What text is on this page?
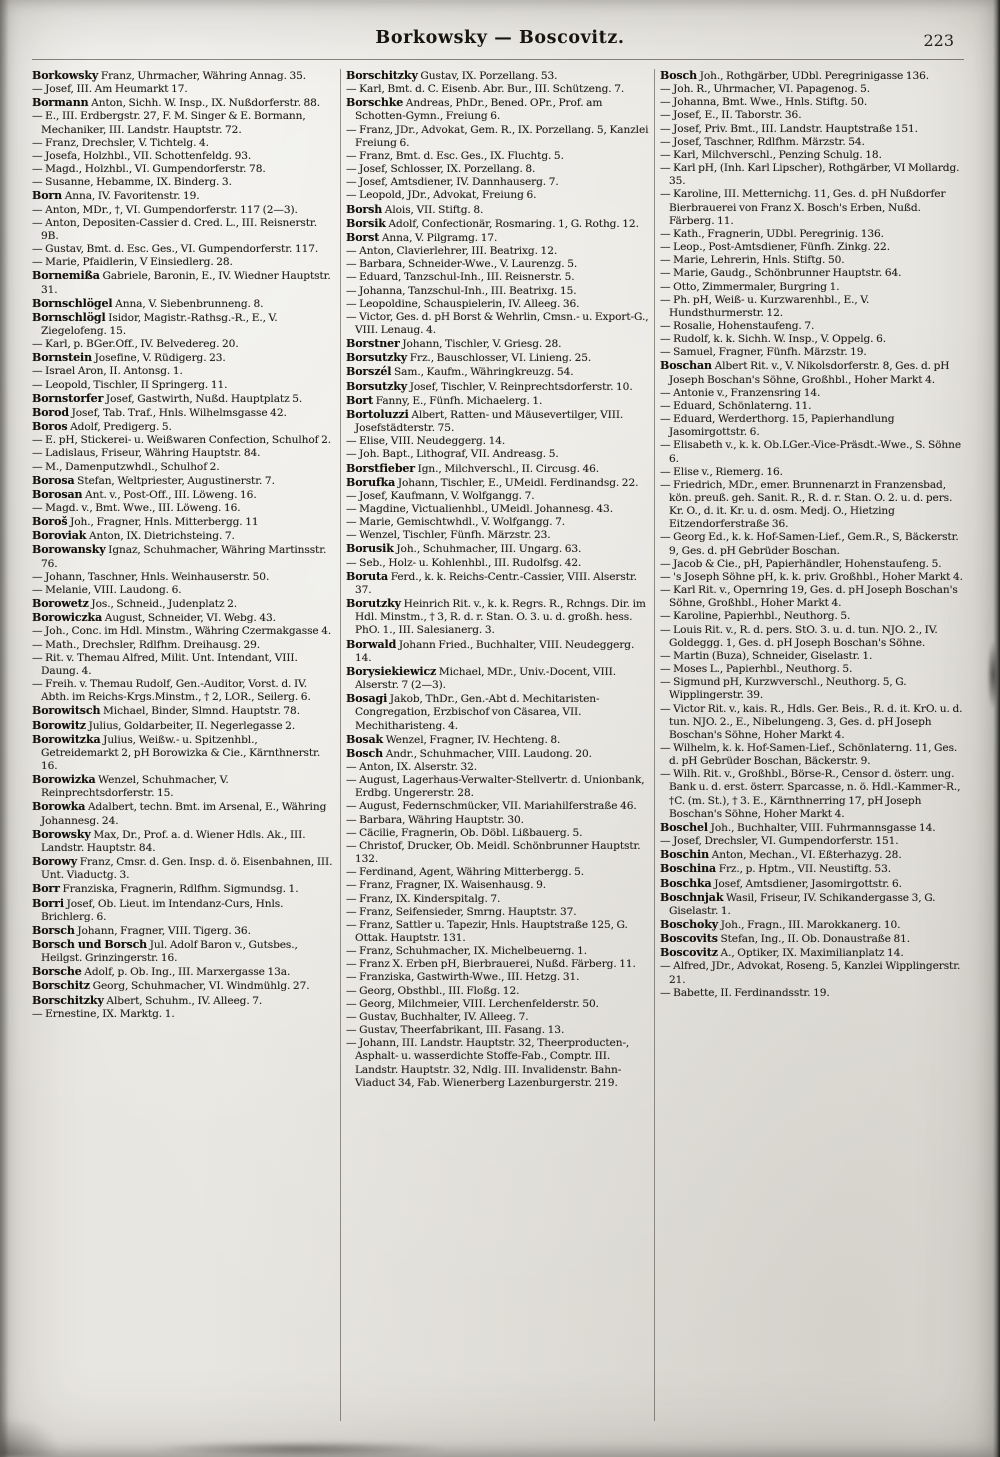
Borkowsky — Boscovitz.	223

Borkowsky Franz, Uhrmacher, Währing Annag. 35.

— Josef, III. Am Heumarkt 17.

Bormann Anton, Sichh. W. Insp., IX. Nußdorferstr. 88.

— E., III. Erdbergstr. 27, F. M. Singer & E. Bormann, Mechaniker, III. Landstr. Hauptstr. 72.

— Franz, Drechsler, V. Tichtelg. 4.

— Josefa, Holzhbl., VII. Schottenfeldg. 93.

— Magd., Holzhbl., VI. Gumpendorferstr. 78.

— Susanne, Hebamme, IX. Binderg. 3.

Born Anna, IV. Favoritenstr. 19.

— Anton, MDr., †, VI. Gumpendorferstr. 117 (2—3).

— Anton, Depositen-Cassier d. Cred. L., III. Reisnerstr. 9B.

— Gustav, Bmt. d. Esc. Ges., VI. Gumpendorferstr. 117.

— Marie, Pfaidlerin, V Einsiedlerg. 28.

Bornemißa Gabriele, Baronin, E., IV. Wiedner Hauptstr. 31.

Bornschlögel Anna, V. Siebenbrunneng. 8.

Bornschlögl Isidor, Magistr.-Rathsg.-R., E., V. Ziegelofeng. 15.

— Karl, p. BGer.Off., IV. Belvedereg. 20.

Bornstein Josefine, V. Rüdigerg. 23.

— Israel Aron, II. Antonsg. 1.

— Leopold, Tischler, II Springerg. 11.

Bornstorfer Josef, Gastwirth, Nußd. Hauptplatz 5.

Borod Josef, Tab. Traf., Hnls. Wilhelmsgasse 42.

Boros Adolf, Predigerg. 5.

— E. pH, Stickerei- u. Weißwaren Confection, Schulhof 2.

— Ladislaus, Friseur, Währing Hauptstr. 84.

— M., Damenputzwhdl., Schulhof 2.

Borosa Stefan, Weltpriester, Augustinerstr. 7.

Borosan Ant. v., Post-Off., III. Löweng. 16.

— Magd. v., Bmt. Wwe., III. Löweng. 16.

Boroš Joh., Fragner, Hnls. Mitterbergg. 11

Boroviak Anton, IX. Dietrichsteing. 7.

Borowansky Ignaz, Schuhmacher, Währing Martinsstr. 76.

— Johann, Taschner, Hnls. Weinhauserstr. 50.

— Melanie, VIII. Laudong. 6.

Borowetz Jos., Schneid., Judenplatz 2.

Borowiczka August, Schneider, VI. Webg. 43.

— Joh., Conc. im Hdl. Minstm., Währing Czermakgasse 4.

— Math., Drechsler, Rdlfhm. Dreihausg. 29.

— Rit. v. Themau Alfred, Milit. Unt. Intendant, VIII. Daung. 4.

— Freih. v. Themau Rudolf, Gen.-Auditor, Vorst. d. IV. Abth. im Reichs-Krgs.Minstm., † 2, LOR., Seilerg. 6.

Borowitsch Michael, Binder, Slmnd. Hauptstr. 78.

Borowitz Julius, Goldarbeiter, II. Negerlegasse 2.

Borowitzka Julius, Weißw.- u. Spitzenhbl., Getreidemarkt 2, pH Borowizka & Cie., Kärnthnerstr. 16.

Borowizka Wenzel, Schuhmacher, V. Reinprechtsdorferstr. 15.

Borowka Adalbert, techn. Bmt. im Arsenal, E., Währing Johannesg. 24.

Borowsky Max, Dr., Prof. a. d. Wiener Hdls. Ak., III. Landstr. Hauptstr. 84.

Borowy Franz, Cmsr. d. Gen. Insp. d. ö. Eisenbahnen, III. Unt. Viaductg. 3.

Borr Franziska, Fragnerin, Rdlfhm. Sigmundsg. 1.

Borri Josef, Ob. Lieut. im Intendanz-Curs, Hnls. Brichlerg. 6.

Borsch Johann, Fragner, VIII. Tigerg. 36.

Borsch und Borsch Jul. Adolf Baron v., Gutsbes., Heilgst. Grinzingerstr. 16.

Borsche Adolf, p. Ob. Ing., III. Marxergasse 13a.

Borschitz Georg, Schuhmacher, VI. Windmühlg. 27.

Borschitzky Albert, Schuhm., IV. Alleeg. 7.

— Ernestine, IX. Marktg. 1.

Borschitzky Gustav, IX. Porzellang. 53.

— Karl, Bmt. d. C. Eisenb. Abr. Bur., III. Schützeng. 7.

Borschke Andreas, PhDr., Bened. OPr., Prof. am Schotten-Gymn., Freiung 6.

— Franz, JDr., Advokat, Gem. R., IX. Porzellang. 5, Kanzlei Freiung 6.

— Franz, Bmt. d. Esc. Ges., IX. Fluchtg. 5.

— Josef, Schlosser, IX. Porzellang. 8.

— Josef, Amtsdiener, IV. Dannhauserg. 7.

— Leopold, JDr., Advokat, Freiung 6.

Borsh Alois, VII. Stiftg. 8.

Borsik Adolf, Confectionär, Rosmaring. 1, G. Rothg. 12.

Borst Anna, V. Pilgramg. 17.

— Anton, Clavierlehrer, III. Beatrixg. 12.

— Barbara, Schneider-Wwe., V. Laurenzg. 5.

— Eduard, Tanzschul-Inh., III. Reisnerstr. 5.

— Johanna, Tanzschul-Inh., III. Beatrixg. 15.

— Leopoldine, Schauspielerin, IV. Alleeg. 36.

— Victor, Ges. d. pH Borst & Wehrlin, Cmsn.- u. Export-G., VIII. Lenaug. 4.

Borstner Johann, Tischler, V. Griesg. 28.

Borsutzky Frz., Bauschlosser, VI. Linieng. 25.

Borszél Sam., Kaufm., Währingkreuzg. 54.

Borsutzky Josef, Tischler, V. Reinprechtsdorferstr. 10.

Bort Fanny, E., Fünfh. Michaelerg. 1.

Bortoluzzi Albert, Ratten- und Mäusevertilger, VIII. Josefstädterstr. 75.

— Elise, VIII. Neudeggerg. 14.

— Joh. Bapt., Lithograf, VII. Andreasg. 5.

Borstfieber Ign., Milchverschl., II. Circusg. 46.

Borufka Johann, Tischler, E., UMeidl. Ferdinandsg. 22.

— Josef, Kaufmann, V. Wolfgangg. 7.

— Magdine, Victualienhbl., UMeidl. Johannesg. 43.

— Marie, Gemischtwhdl., V. Wolfgangg. 7.

— Wenzel, Tischler, Fünfh. Märzstr. 23.

Borusik Joh., Schuhmacher, III. Ungarg. 63.

— Seb., Holz- u. Kohlenhbl., III. Rudolfsg. 42.

Boruta Ferd., k. k. Reichs-Centr.-Cassier, VIII. Alserstr. 37.

Borutzky Heinrich Rit. v., k. k. Regrs. R., Rchngs. Dir. im Hdl. Minstm., † 3, R. d. r. Stan. O. 3. u. d. großh. hess. PhO. 1., III. Salesianerg. 3.

Borwald Johann Fried., Buchhalter, VIII. Neudeggerg. 14.

Borysiekiewicz Michael, MDr., Univ.-Docent, VIII. Alserstr. 7 (2—3).

Bosagi Jakob, ThDr., Gen.-Abt d. Mechitaristen-Congregation, Erzbischof von Cäsarea, VII. Mechitharisteng. 4.

Bosak Wenzel, Fragner, IV. Hechteng. 8.

Bosch Andr., Schuhmacher, VIII. Laudong. 20.

— Anton, IX. Alserstr. 32.

— August, Lagerhaus-Verwalter-Stellvertr. d. Unionbank, Erdbg. Ungererstr. 28.

— August, Federnschmücker, VII. Mariahilferstraße 46.

— Barbara, Währing Hauptstr. 30.

— Cäcilie, Fragnerin, Ob. Döbl. Lißbauerg. 5.

— Christof, Drucker, Ob. Meidl. Schönbrunner Hauptstr. 132.

— Ferdinand, Agent, Währing Mitterbergg. 5.

— Franz, Fragner, IX. Waisenhausg. 9.

— Franz, IX. Kinderspitalg. 7.

— Franz, Seifensieder, Smrng. Hauptstr. 37.

— Franz, Sattler u. Tapezir, Hnls. Hauptstraße 125, G. Ottak. Hauptstr. 131.

— Franz, Schuhmacher, IX. Michelbeuerng. 1.

— Franz X. Erben pH, Bierbrauerei, Nußd. Färberg. 11.

— Franziska, Gastwirth-Wwe., III. Hetzg. 31.

— Georg, Obsthbl., III. Floßg. 12.

— Georg, Milchmeier, VIII. Lerchenfelderstr. 50.

— Gustav, Buchhalter, IV. Alleeg. 7.

— Gustav, Theerfabrikant, III. Fasang. 13.

— Johann, III. Landstr. Hauptstr. 32, Theerproducten-, Asphalt- u. wasserdichte Stoffe-Fab., Comptr. III. Landstr. Hauptstr. 32, Ndlg. III. Invalidenstr. Bahn-Viaduct 34, Fab. Wienerberg Lazenburgerstr. 219.

Bosch Joh., Rothgärber, UDbl. Peregrinigasse 136.

— Joh. R., Uhrmacher, VI. Papagenog. 5.

— Johanna, Bmt. Wwe., Hnls. Stiftg. 50.

— Josef, E., II. Taborstr. 36.

— Josef, Priv. Bmt., III. Landstr. Hauptstraße 151.

— Josef, Taschner, Rdlfhm. Märzstr. 54.

— Karl, Milchverschl., Penzing Schulg. 18.

— Karl pH, (Inh. Karl Lipscher), Rothgärber, VI Mollardg. 35.

— Karoline, III. Metternichg. 11, Ges. d. pH Nußdorfer Bierbrauerei von Franz X. Bosch's Erben, Nußd. Färberg. 11.

— Kath., Fragnerin, UDbl. Peregrinig. 136.

— Leop., Post-Amtsdiener, Fünfh. Zinkg. 22.

— Marie, Lehrerin, Hnls. Stiftg. 50.

— Marie, Gaudg., Schönbrunner Hauptstr. 64.

— Otto, Zimmermaler, Burgring 1.

— Ph. pH, Weiß- u. Kurzwarenhbl., E., V. Hundsthurmerstr. 12.

— Rosalie, Hohenstaufeng. 7.

— Rudolf, k. k. Sichh. W. Insp., V. Oppelg. 6.

— Samuel, Fragner, Fünfh. Märzstr. 19.

Boschan Albert Rit. v., V. Nikolsdorferstr. 8, Ges. d. pH Joseph Boschan's Söhne, Großhbl., Hoher Markt 4.

— Antonie v., Franzensring 14.

— Eduard, Schönlaterng. 11.

— Eduard, Werderthorg. 15, Papierhandlung Jasomirgottstr. 6.

— Elisabeth v., k. k. Ob.LGer.-Vice-Präsdt.-Wwe., S. Söhne 6.

— Elise v., Riemerg. 16.

— Friedrich, MDr., emer. Brunnenarzt in Franzensbad, kön. preuß. geh. Sanit. R., R. d. r. Stan. O. 2. u. d. pers. Kr. O., d. it. Kr. u. d. osm. Medj. O., Hietzing Eitzendorferstraße 36.

— Georg Ed., k. k. Hof-Samen-Lief., Gem.R., S, Bäckerstr. 9, Ges. d. pH Gebrüder Boschan.

— Jacob & Cie., pH, Papierhändler, Hohenstaufeng. 5.

— 's Joseph Söhne pH, k. k. priv. Großhbl., Hoher Markt 4.

— Karl Rit. v., Opernring 19, Ges. d. pH Joseph Boschan's Söhne, Großhbl., Hoher Markt 4.

— Karoline, Papierhbl., Neuthorg. 5.

— Louis Rit. v., R. d. pers. StO. 3. u. d. tun. NJO. 2., IV. Goldeggg. 1, Ges. d. pH Joseph Boschan's Söhne.

— Martin (Buza), Schneider, Giselastr. 1.

— Moses L., Papierhbl., Neuthorg. 5.

— Sigmund pH, Kurzwverschl., Neuthorg. 5, G. Wipplingerstr. 39.

— Victor Rit. v., kais. R., Hdls. Ger. Beis., R. d. it. KrO. u. d. tun. NJO. 2., E., Nibelungeng. 3, Ges. d. pH Joseph Boschan's Söhne, Hoher Markt 4.

— Wilhelm, k. k. Hof-Samen-Lief., Schönlaterng. 11, Ges. d. pH Gebrüder Boschan, Bäckerstr. 9.

— Wilh. Rit. v., Großhbl., Börse-R., Censor d. österr. ung. Bank u. d. erst. österr. Sparcasse, n. ö. Hdl.-Kammer-R., †C. (m. St.), † 3. E., Kärnthnerring 17, pH Joseph Boschan's Söhne, Hoher Markt 4.

Boschel Joh., Buchhalter, VIII. Fuhrmannsgasse 14.

— Josef, Drechsler, VI. Gumpendorferstr. 151.

Boschin Anton, Mechan., VI. Eßterhazyg. 28.

Boschina Frz., p. Hptm., VII. Neustiftg. 53.

Boschka Josef, Amtsdiener, Jasomirgottstr. 6.

Boschnjak Wasil, Friseur, IV. Schikandergasse 3, G. Giselastr. 1.

Boschoky Joh., Fragn., III. Marokkanerg. 10.

Boscovits Stefan, Ing., II. Ob. Donaustraße 81.

Boscovitz A., Optiker, IX. Maximilianplatz 14.

— Alfred, JDr., Advokat, Roseng. 5, Kanzlei Wipplingerstr. 21.

— Babette, II. Ferdinandsstr. 19.
